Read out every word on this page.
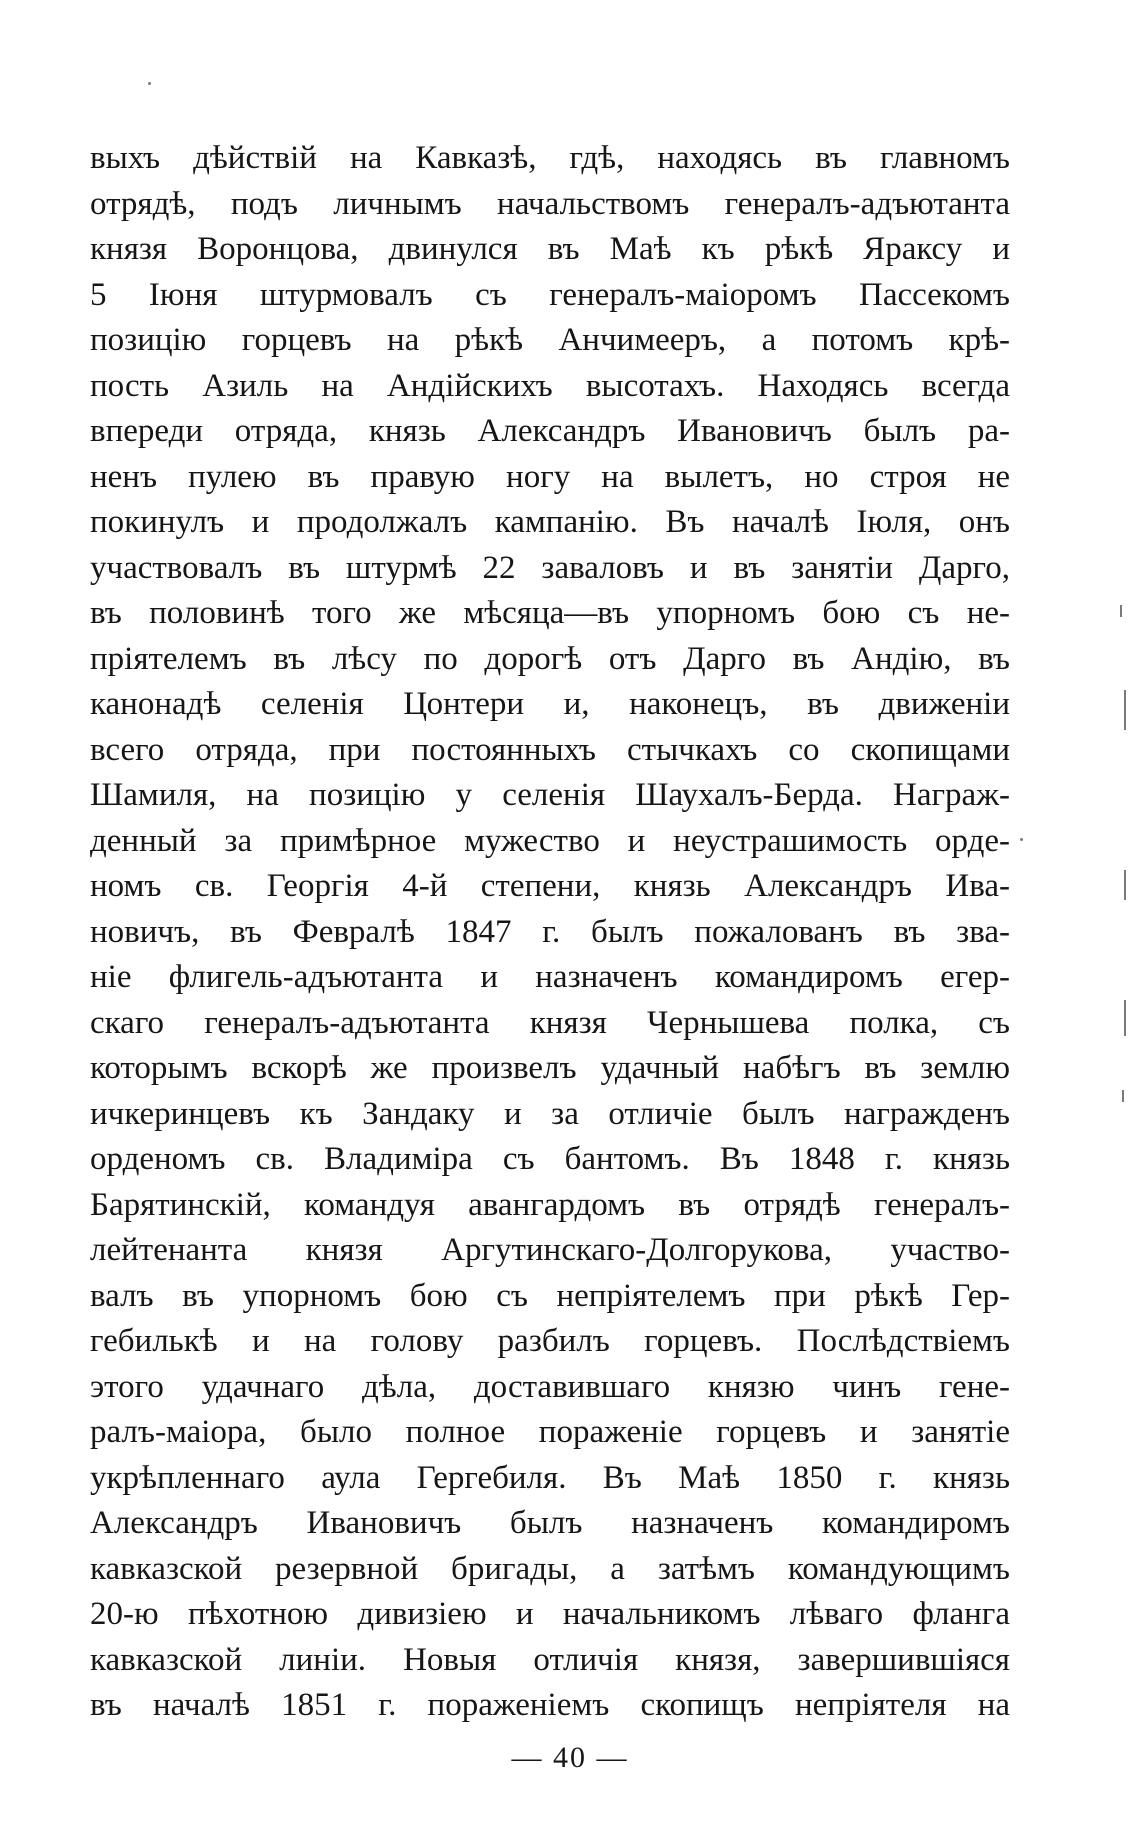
выхъ дѣйствій на Кавказѣ, гдѣ, находясь въ главномъ
отрядѣ, подъ личнымъ начальствомъ генералъ-адъютанта
князя Воронцова, двинулся въ Маѣ къ рѣкѣ Яраксу и
5 Іюня штурмовалъ съ генералъ-маіоромъ Пассекомъ
позицію горцевъ на рѣкѣ Анчимееръ, а потомъ крѣ-
пость Азиль на Андійскихъ высотахъ. Находясь всегда
впереди отряда, князь Александръ Ивановичъ былъ ра-
ненъ пулею въ правую ногу на вылетъ, но строя не
покинулъ и продолжалъ кампанію. Въ началѣ Іюля, онъ
участвовалъ въ штурмѣ 22 заваловъ и въ занятіи Дарго,
въ половинѣ того же мѣсяца—въ упорномъ бою съ не-
пріятелемъ въ лѣсу по дорогѣ отъ Дарго въ Андію, въ
канонадѣ селенія Цонтери и, наконецъ, въ движеніи
всего отряда, при постоянныхъ стычкахъ со скопищами
Шамиля, на позицію у селенія Шаухалъ-Берда. Награж-
денный за примѣрное мужество и неустрашимость орде-
номъ св. Георгія 4-й степени, князь Александръ Ива-
новичъ, въ Февралѣ 1847 г. былъ пожалованъ въ зва-
ніе флигель-адъютанта и назначенъ командиромъ егер-
скаго генералъ-адъютанта князя Чернышева полка, съ
которымъ вскорѣ же произвелъ удачный набѣгъ въ землю
ичкеринцевъ къ Зандаку и за отличіе былъ награжденъ
орденомъ св. Владиміра съ бантомъ. Въ 1848 г. князь
Барятинскій, командуя авангардомъ въ отрядѣ генералъ-
лейтенанта князя Аргутинскаго-Долгорукова, участво-
валъ въ упорномъ бою съ непріятелемъ при рѣкѣ Гер-
гебилькѣ и на голову разбилъ горцевъ. Послѣдствіемъ
этого удачнаго дѣла, доставившаго князю чинъ гене-
ралъ-маіора, было полное пораженіе горцевъ и занятіе
укрѣпленнаго аула Гергебиля. Въ Маѣ 1850 г. князь
Александръ Ивановичъ былъ назначенъ командиромъ
кавказской резервной бригады, а затѣмъ командующимъ
20-ю пѣхотною дивизіею и начальникомъ лѣваго фланга
кавказской линіи. Новыя отличія князя, завершившіяся
въ началѣ 1851 г. пораженіемъ скопищъ непріятеля на
— 40 —
